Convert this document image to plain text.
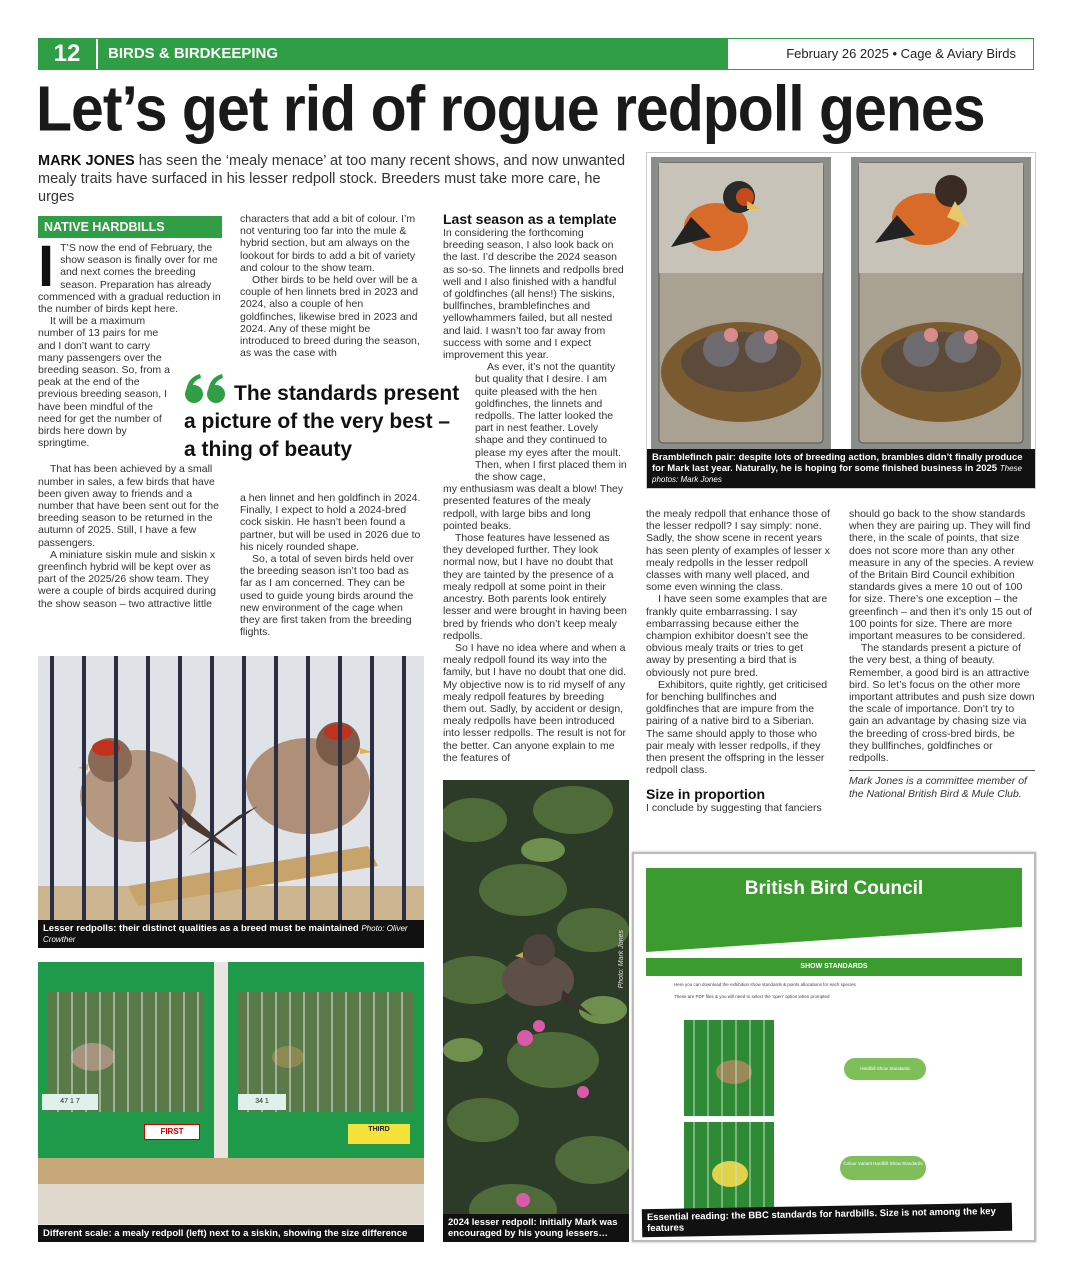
12	BIRDS & BIRDKEEPING	February 26 2025 • Cage & Aviary Birds
Let’s get rid of rogue redpoll genes
MARK JONES has seen the ‘mealy menace’ at too many recent shows, and now unwanted mealy traits have surfaced in his lesser redpoll stock. Breeders must take more care, he urges
NATIVE HARDBILLS
I T’S now the end of February, the show season is finally over for me and next comes the breeding season. Preparation has already commenced with a gradual reduction in the number of birds kept here.

It will be a maximum number of 13 pairs for me and I don’t want to carry many passengers over the breeding season. So, from a peak at the end of the previous breeding season, I have been mindful of the need for get the number of birds here down by springtime.

That has been achieved by a small number in sales, a few birds that have been given away to friends and a number that have been sent out for the breeding season to be returned in the autumn of 2025. Still, I have a few passengers.

A miniature siskin mule and siskin x greenfinch hybrid will be kept over as part of the 2025/26 show team. They were a couple of birds acquired during the show season – two attractive little

characters that add a bit of colour. I’m not venturing too far into the mule & hybrid section, but am always on the lookout for birds to add a bit of variety and colour to the show team.

Other birds to be held over will be a couple of hen linnets bred in 2023 and 2024, also a couple of hen goldfinches, likewise bred in 2023 and 2024. Any of these might be introduced to breed during the season, as was the case with

a hen linnet and hen goldfinch in 2024. Finally, I expect to hold a 2024-bred cock siskin. He hasn’t been found a partner, but will be used in 2026 due to his nicely rounded shape.

So, a total of seven birds held over the breeding season isn’t too bad as far as I am concerned. They can be used to guide young birds around the new environment of the cage when they are first taken from the breeding flights.

The standards present a picture of the very best – a thing of beauty
Last season as a template

In considering the forthcoming breeding season, I also look back on the last. I’d describe the 2024 season as so-so. The linnets and redpolls bred well and I also finished with a handful of goldfinches (all hens!) The siskins, bullfinches, bramblefinches and yellowhammers failed, but all nested and laid. I wasn’t too far away from success with some and I expect improvement this year.

As ever, it’s not the quantity but quality that I desire. I am quite pleased with the hen goldfinches, the linnets and redpolls. The latter looked the part in nest feather. Lovely shape and they continued to please my eyes after the moult. Then, when I first placed them in the show cage,

my enthusiasm was dealt a blow! They presented features of the mealy redpoll, with large bibs and long pointed beaks.

Those features have lessened as they developed further. They look normal now, but I have no doubt that they are tainted by the presence of a mealy redpoll at some point in their ancestry. Both parents look entirely lesser and were brought in having been bred by friends who don’t keep mealy redpolls.

So I have no idea where and when a mealy redpoll found its way into the family, but I have no doubt that one did. My objective now is to rid myself of any mealy redpoll features by breeding them out. Sadly, by accident or design, mealy redpolls have been introduced into lesser redpolls. The result is not for the better. Can anyone explain to me the features of

the mealy redpoll that enhance those of the lesser redpoll? I say simply: none. Sadly, the show scene in recent years has seen plenty of examples of lesser x mealy redpolls in the lesser redpoll classes with many well placed, and some even winning the class.

I have seen some examples that are frankly quite embarrassing. I say embarrassing because either the champion exhibitor doesn’t see the obvious mealy traits or tries to get away by presenting a bird that is obviously not pure bred.

Exhibitors, quite rightly, get criticised for benching bullfinches and goldfinches that are impure from the pairing of a native bird to a Siberian. The same should apply to those who pair mealy with lesser redpolls, if they then present the offspring in the lesser redpoll class.

Size in proportion

I conclude by suggesting that fanciers

should go back to the show standards when they are pairing up. They will find there, in the scale of points, that size does not score more than any other measure in any of the species. A review of the Britain Bird Council exhibition standards gives a mere 10 out of 100 for size. There’s one exception – the greenfinch – and then it’s only 15 out of 100 points for size. There are more important measures to be considered.

The standards present a picture of the very best, a thing of beauty. Remember, a good bird is an attractive bird. So let’s focus on the other more important attributes and push size down the scale of importance. Don’t try to gain an advantage by chasing size via the breeding of cross-bred birds, be they bullfinches, goldfinches or redpolls.

Mark Jones is a committee member of the National British Bird & Mule Club.
Bramblefinch pair: despite lots of breeding action, brambles didn’t finally produce for Mark last year. Naturally, he is hoping for some finished business in 2025 These photos: Mark Jones
Lesser redpolls: their distinct qualities as a breed must be maintained Photo: Oliver Crowther
47 1 7
FIRST
34 1
THIRD
Different scale: a mealy redpoll (left) next to a siskin, showing the size difference
Photo: Mark Jones
2024 lesser redpoll: initially Mark was encouraged by his young lessers…
British Bird Council
SHOW STANDARDS
Here you can download the exhibition show standards & points allocations for each species
These are PDF files & you will need to select the 'open' option when prompted
Hardbill Show Standards
Colour Variant Hardbill Show Standards
Essential reading: the BBC standards for hardbills. Size is not among the key features
